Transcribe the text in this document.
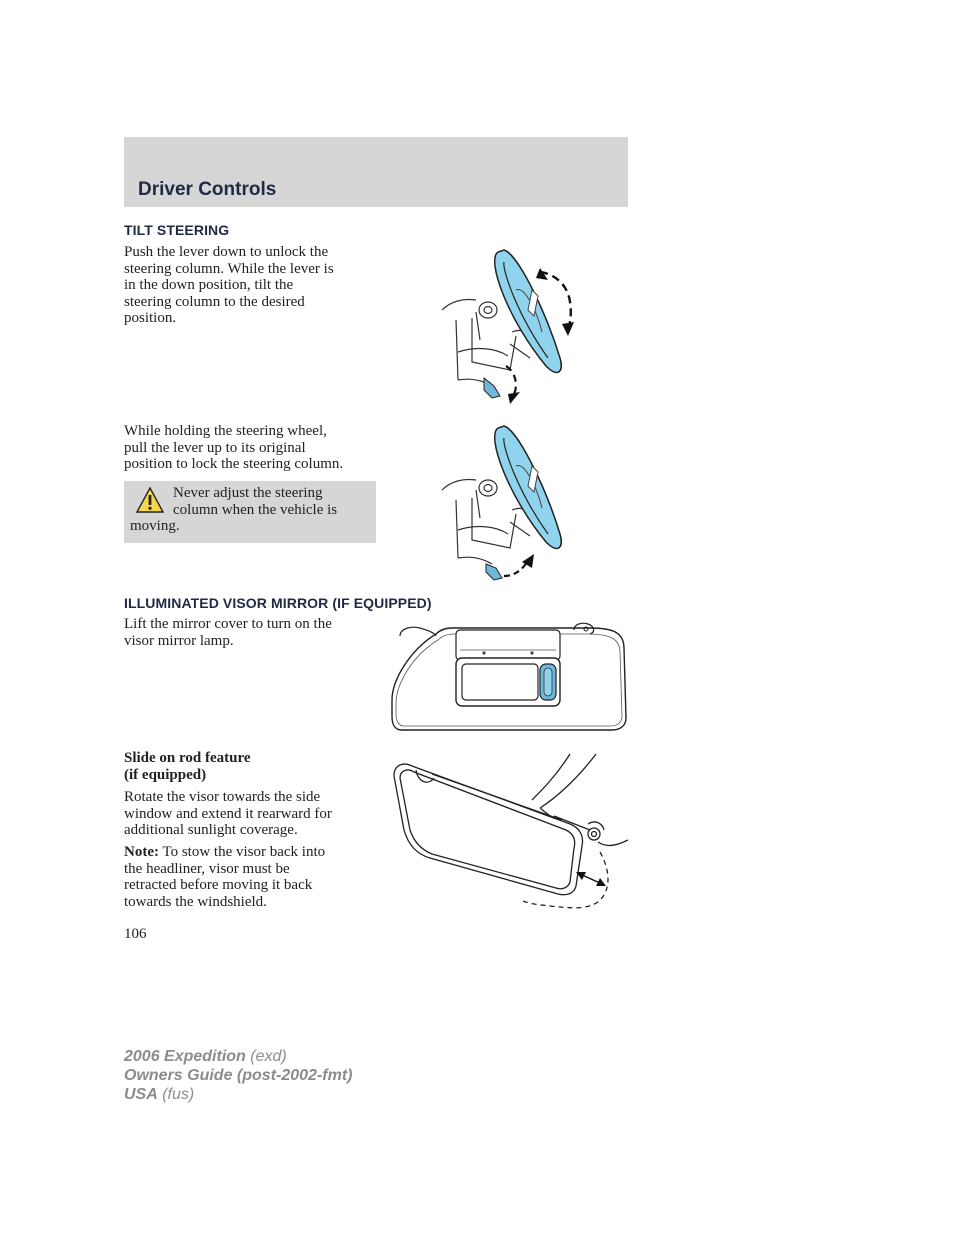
Driver Controls
TILT STEERING

Push the lever down to unlock the

steering column. While the lever is

in the down position, tilt the

steering column to the desired

position.

While holding the steering wheel,

pull the lever up to its original

position to lock the steering column.

Never adjust the steering
column when the vehicle is
moving.
ILLUMINATED VISOR MIRROR (IF EQUIPPED)

Lift the mirror cover to turn on the

visor mirror lamp.

Slide on rod feature

(if equipped)

Rotate the visor towards the side

window and extend it rearward for

additional sunlight coverage.

Note: To stow the visor back into

the headliner, visor must be

retracted before moving it back

towards the windshield.

106
2006 Expedition (exd)
Owners Guide (post-2002-fmt)
USA (fus)
